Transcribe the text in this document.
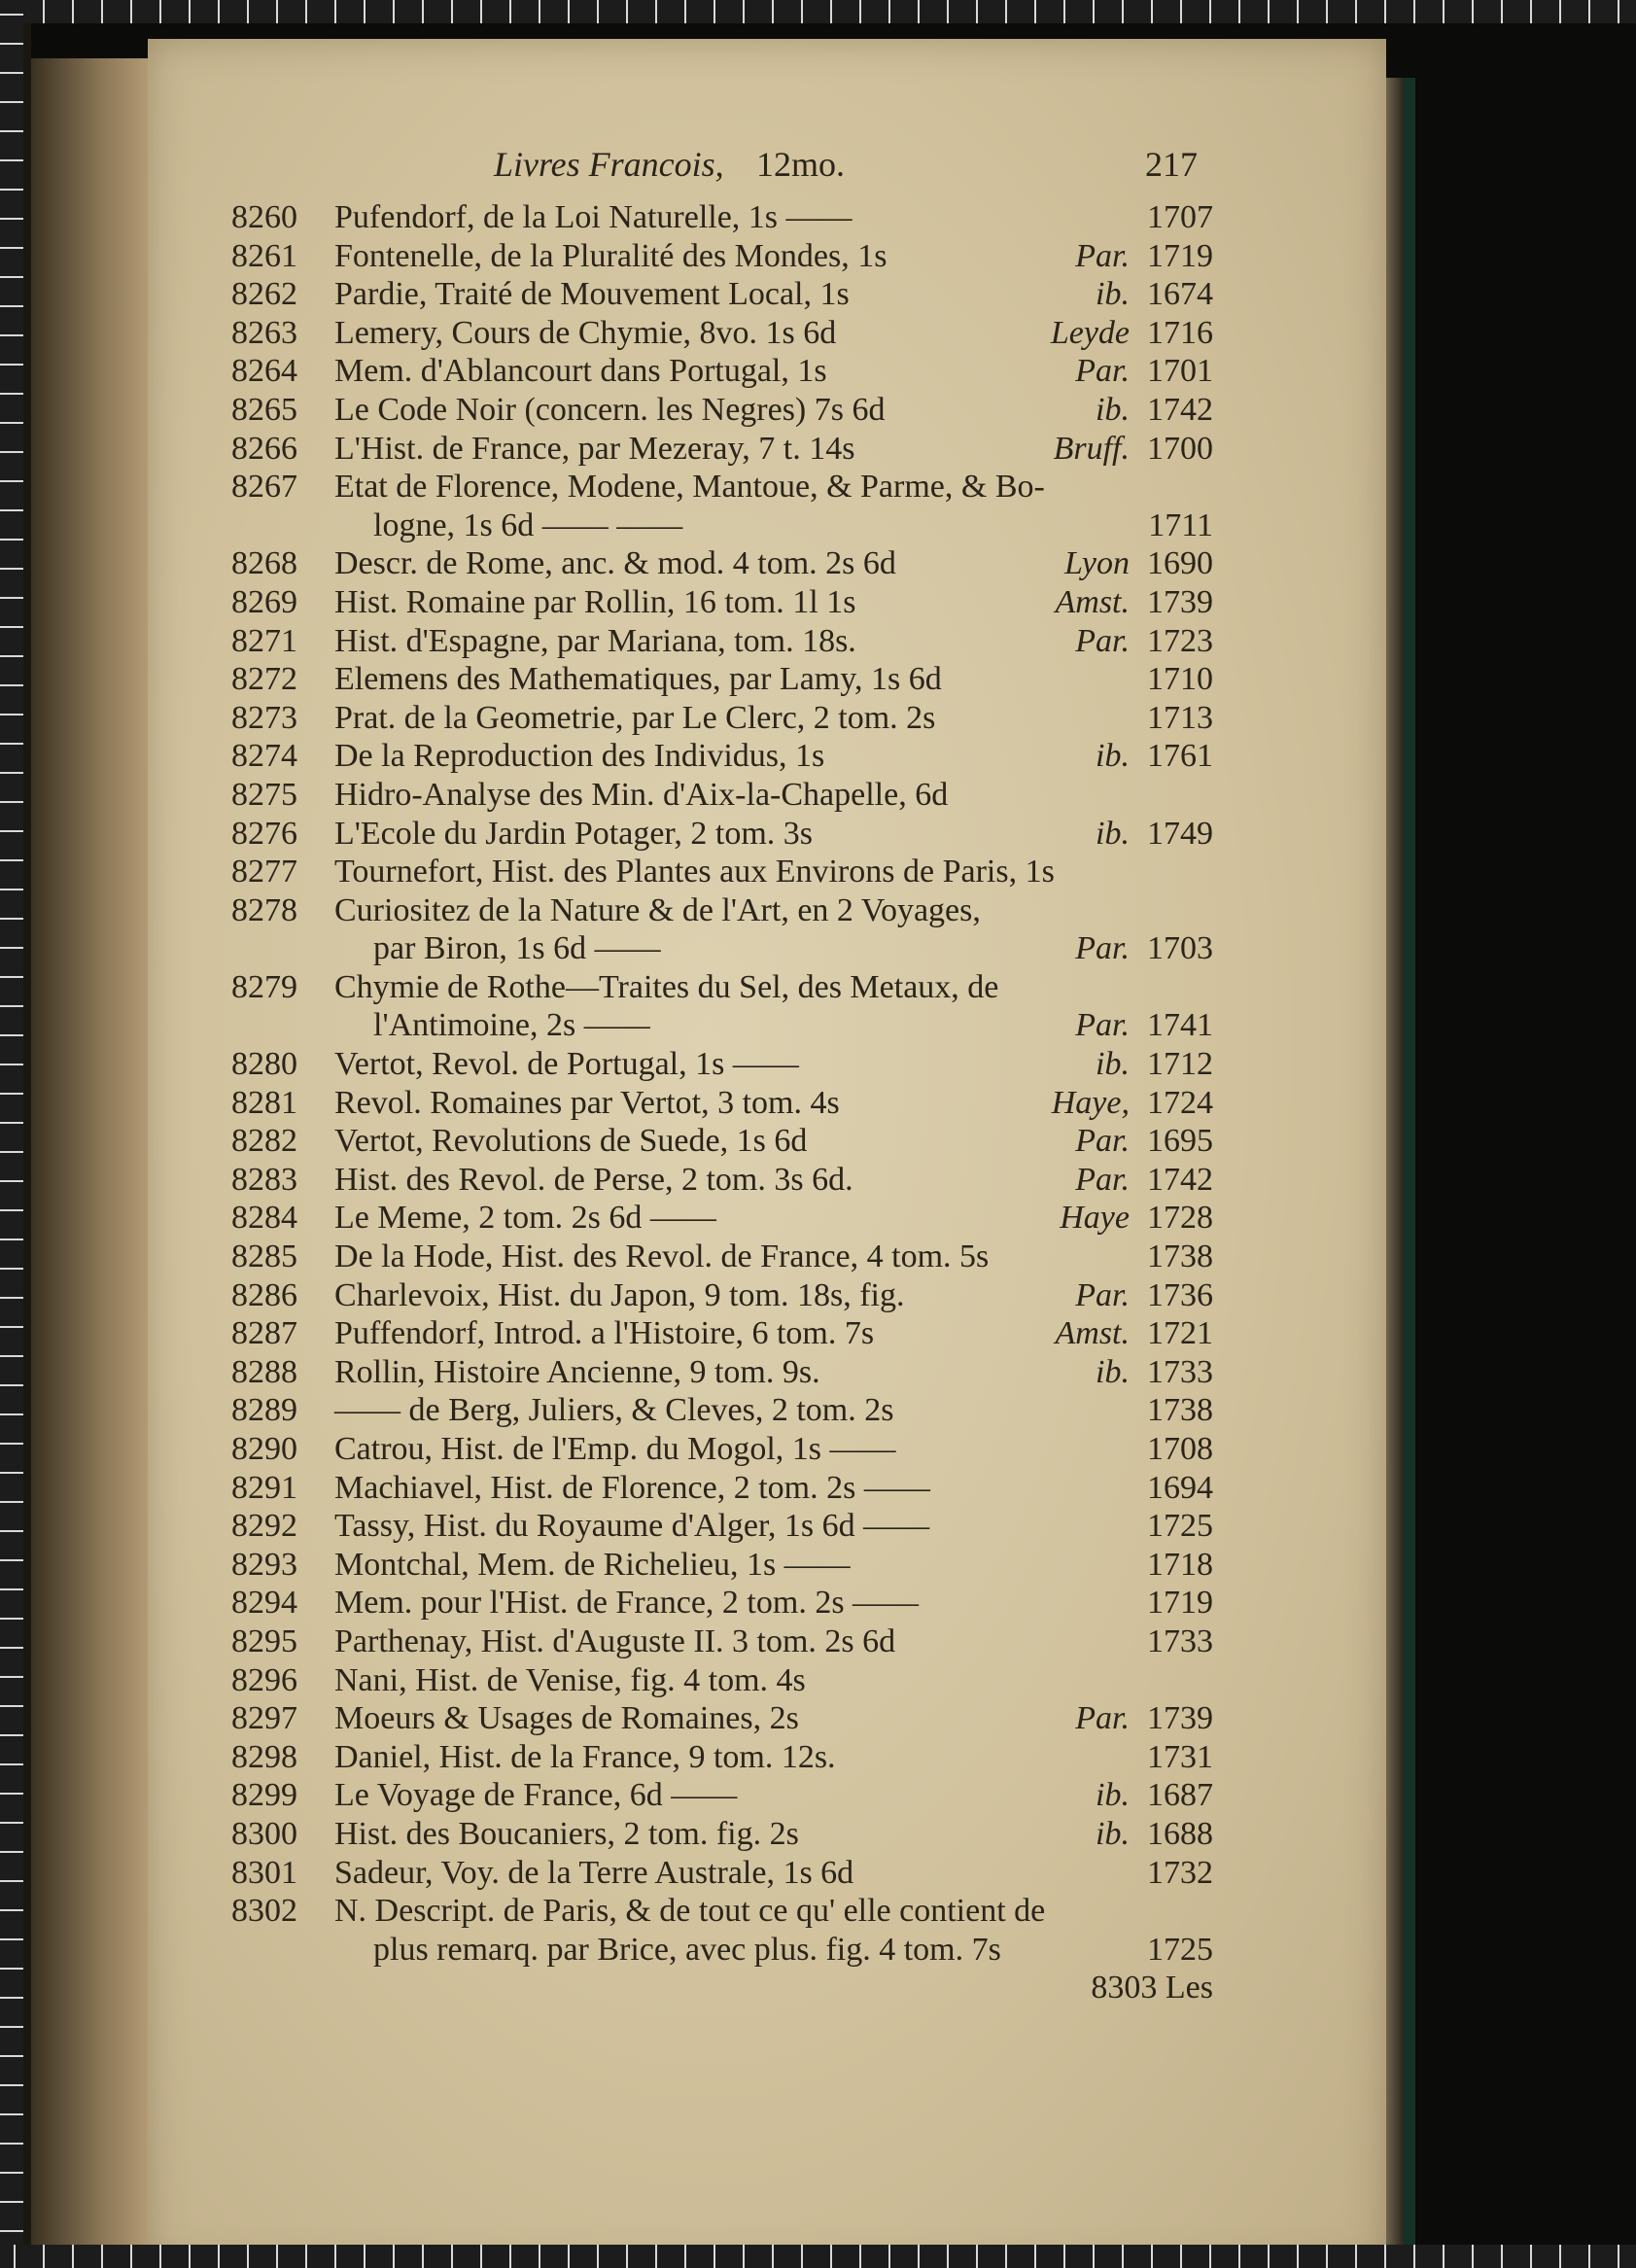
Livres Francois, 12mo.	217
8260	Pufendorf, de la Loi Naturelle, 1s ——	1707
8261	Fontenelle, de la Pluralité des Mondes, 1s	Par. 1719
8262	Pardie, Traité de Mouvement Local, 1s	ib. 1674
8263	Lemery, Cours de Chymie, 8vo. 1s 6d	Leyde 1716
8264	Mem. d'Ablancourt dans Portugal, 1s	Par. 1701
8265	Le Code Noir (concern. les Negres) 7s 6d	ib. 1742
8266	L'Hist. de France, par Mezeray, 7 t. 14s	Bruff. 1700
8267	Etat de Florence, Modene, Mantoue, & Parme, & Bo-
logne, 1s 6d —— ——	1711
8268	Descr. de Rome, anc. & mod. 4 tom. 2s 6d	Lyon 1690
8269	Hist. Romaine par Rollin, 16 tom. 1l 1s	Amst. 1739
8271	Hist. d'Espagne, par Mariana, tom. 18s.	Par. 1723
8272	Elemens des Mathematiques, par Lamy, 1s 6d	1710
8273	Prat. de la Geometrie, par Le Clerc, 2 tom. 2s	1713
8274	De la Reproduction des Individus, 1s	ib. 1761
8275	Hidro-Analyse des Min. d'Aix-la-Chapelle, 6d
8276	L'Ecole du Jardin Potager, 2 tom. 3s	ib. 1749
8277	Tournefort, Hist. des Plantes aux Environs de Paris, 1s
8278	Curiositez de la Nature & de l'Art, en 2 Voyages,
par Biron, 1s 6d ——	Par. 1703
8279	Chymie de Rothe—Traites du Sel, des Metaux, de
l'Antimoine, 2s ——	Par. 1741
8280	Vertot, Revol. de Portugal, 1s ——	ib. 1712
8281	Revol. Romaines par Vertot, 3 tom. 4s	Haye, 1724
8282	Vertot, Revolutions de Suede, 1s 6d	Par. 1695
8283	Hist. des Revol. de Perse, 2 tom. 3s 6d.	Par. 1742
8284	Le Meme, 2 tom. 2s 6d ——	Haye 1728
8285	De la Hode, Hist. des Revol. de France, 4 tom. 5s	1738
8286	Charlevoix, Hist. du Japon, 9 tom. 18s, fig.	Par. 1736
8287	Puffendorf, Introd. a l'Histoire, 6 tom. 7s	Amst. 1721
8288	Rollin, Histoire Ancienne, 9 tom. 9s.	ib. 1733
8289	—— de Berg, Juliers, & Cleves, 2 tom. 2s	1738
8290	Catrou, Hist. de l'Emp. du Mogol, 1s ——	1708
8291	Machiavel, Hist. de Florence, 2 tom. 2s ——	1694
8292	Tassy, Hist. du Royaume d'Alger, 1s 6d ——	1725
8293	Montchal, Mem. de Richelieu, 1s ——	1718
8294	Mem. pour l'Hist. de France, 2 tom. 2s ——	1719
8295	Parthenay, Hist. d'Auguste II. 3 tom. 2s 6d	1733
8296	Nani, Hist. de Venise, fig. 4 tom. 4s
8297	Moeurs & Usages de Romaines, 2s	Par. 1739
8298	Daniel, Hist. de la France, 9 tom. 12s.	1731
8299	Le Voyage de France, 6d ——	ib. 1687
8300	Hist. des Boucaniers, 2 tom. fig. 2s	ib. 1688
8301	Sadeur, Voy. de la Terre Australe, 1s 6d	1732
8302	N. Descript. de Paris, & de tout ce qu' elle contient de
plus remarq. par Brice, avec plus. fig. 4 tom. 7s	1725
8303 Les
